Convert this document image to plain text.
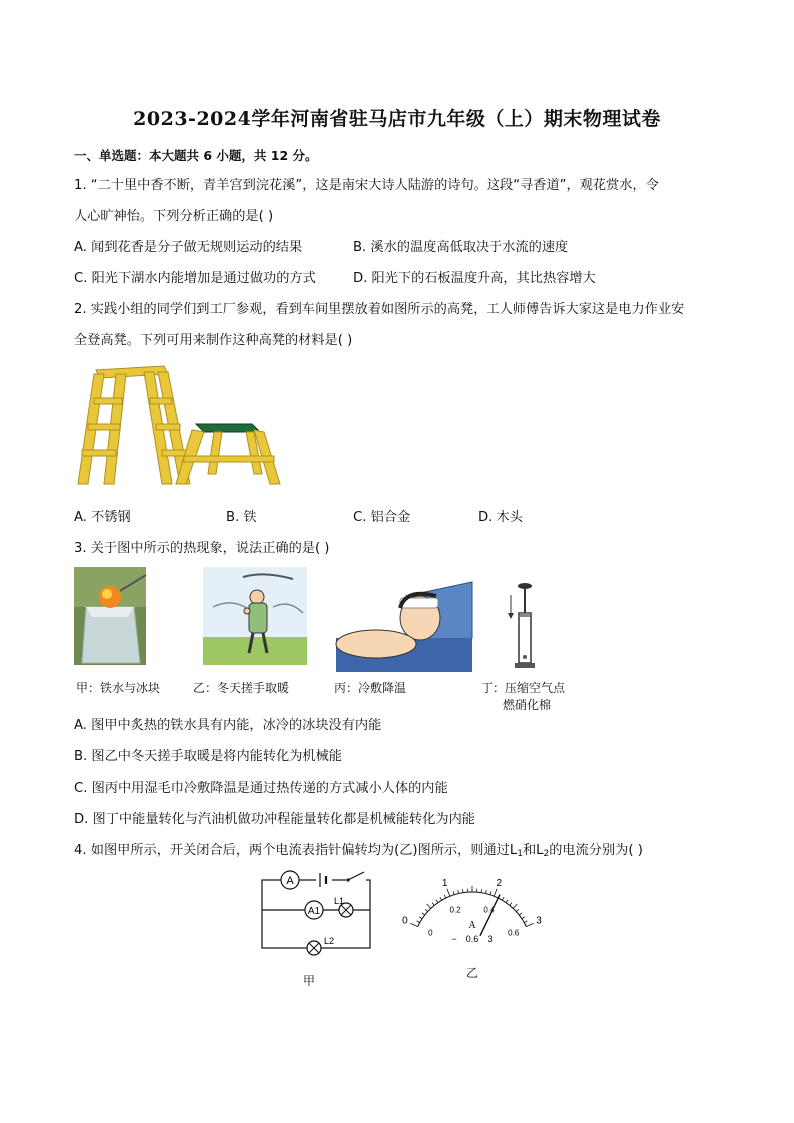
2023-2024学年河南省驻马店市九年级（上）期末物理试卷
一、单选题：本大题共 6 小题，共 12 分。
1. “二十里中香不断，青羊宫到浣花溪”，这是南宋大诗人陆游的诗句。这段“寻香道”，观花赏水，令
人心旷神怡。下列分析正确的是( )
A. 闻到花香是分子做无规则运动的结果	B. 溪水的温度高低取决于水流的速度
C. 阳光下湖水内能增加是通过做功的方式	D. 阳光下的石板温度升高，其比热容增大
2. 实践小组的同学们到工厂参观，看到车间里摆放着如图所示的高凳，工人师傅告诉大家这是电力作业安
全登高凳。下列可用来制作这种高凳的材料是( )
A. 不锈钢	B. 铁	C. 铝合金	D. 木头
3. 关于图中所示的热现象，说法正确的是( )
甲：铁水与冰块	乙：冬天搓手取暖	丙：冷敷降温	丁：压缩空气点
燃硝化棉
A. 图甲中炙热的铁水具有内能，冰冷的冰块没有内能
B. 图乙中冬天搓手取暖是将内能转化为机械能
C. 图丙中用湿毛巾冷敷降温是通过热传递的方式减小人体的内能
D. 图丁中能量转化与汽油机做功冲程能量转化都是机械能转化为内能
4. 如图甲所示，开关闭合后，两个电流表指针偏转均为(乙)图所示，则通过$L_1$和$L_2$的电流分别为( )
A
A1
L1
L2
甲
0
1	2
3
0
0.2	0.4
0.6
A
− 0.6 3
乙
